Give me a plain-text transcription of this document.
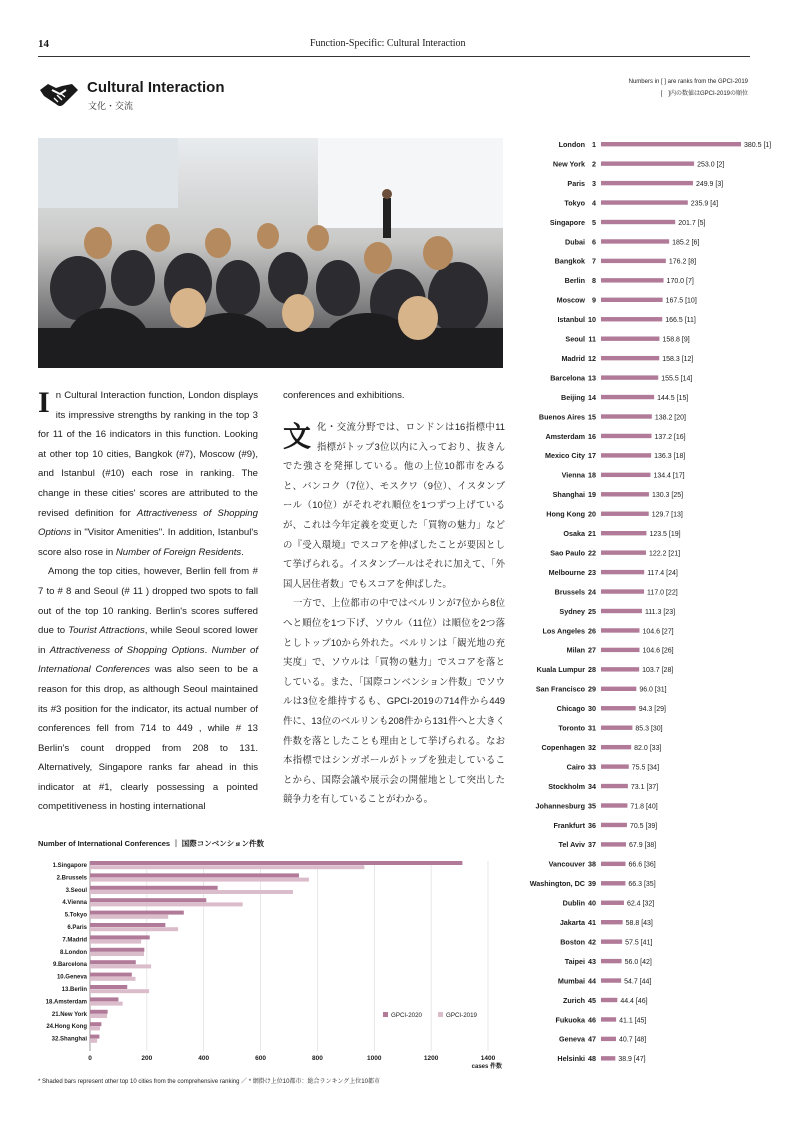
14	Function-Specific: Cultural Interaction
Cultural Interaction
文化・交流
Numbers in [ ] are ranks from the GPCI-2019
[　]内の数値はGPCI-2019の順位

In Cultural Interaction function, London displays its impressive strengths by ranking in the top 3 for 11 of the 16 indicators in this function. Looking at other top 10 cities, Bangkok (#7), Moscow (#9), and Istanbul (#10) each rose in ranking. The change in these cities' scores are attributed to the revised definition for Attractiveness of Shopping Options in "Visitor Amenities". In addition, Istanbul's score also rose in Number of Foreign Residents.

Among the top cities, however, Berlin fell from # 7 to # 8 and Seoul (# 11 ) dropped two spots to fall out of the top 10 ranking. Berlin's scores suffered due to Tourist Attractions, while Seoul scored lower in Attractiveness of Shopping Options. Number of International Conferences was also seen to be a reason for this drop, as although Seoul maintained its #3 position for the indicator, its actual number of conferences fell from 714 to 449 , while # 13 Berlin's count dropped from 208 to 131. Alternatively, Singapore ranks far ahead in this indicator at #1, clearly possessing a pointed competitiveness in hosting international

conferences and exhibitions.

文化・交流分野では、ロンドンは16指標中11指標がトップ3位以内に入っており、抜きんでた強さを発揮している。他の上位10都市をみると、バンコク（7位）、モスクワ（9位）、イスタンブール（10位）がそれぞれ順位を1つずつ上げているが、これは今年定義を変更した「買物の魅力」などの『受入環境』でスコアを伸ばしたことが要因として挙げられる。イスタンブールはそれに加えて、「外国人居住者数」でもスコアを伸ばした。

一方で、上位都市の中ではベルリンが7位から8位へと順位を1つ下げ、ソウル（11位）は順位を2つ落としトップ10から外れた。ベルリンは「観光地の充実度」で、ソウルは「買物の魅力」でスコアを落としている。また、「国際コンベンション件数」でソウルは3位を維持するも、GPCI-2019の714件から449件に、13位のベルリンも208件から131件へと大きく件数を落としたことも理由として挙げられる。なお本指標ではシンガポールがトップを独走していることから、国際会議や展示会の開催地として突出した競争力を有していることがわかる。

London 1	380.5 [1]
New York 2	253.0 [2]
Paris 3	249.9 [3]
Tokyo 4	235.9 [4]
Singapore 5	201.7 [5]
Dubai 6	185.2 [6]
Bangkok 7	176.2 [8]
Berlin 8	170.0 [7]
Moscow 9	167.5 [10]
Istanbul 10	166.5 [11]
Seoul 11	158.8 [9]
Madrid 12	158.3 [12]
Barcelona 13	155.5 [14]
Beijing 14	144.5 [15]
Buenos Aires 15	138.2 [20]
Amsterdam 16	137.2 [16]
Mexico City 17	136.3 [18]
Vienna 18	134.4 [17]
Shanghai 19	130.3 [25]
Hong Kong 20	129.7 [13]
Osaka 21	123.5 [19]
Sao Paulo 22	122.2 [21]
Melbourne 23	117.4 [24]
Brussels 24	117.0 [22]
Sydney 25	111.3 [23]
Los Angeles 26	104.6 [27]
Milan 27	104.6 [26]
Kuala Lumpur 28	103.7 [28]
San Francisco 29	96.0 [31]
Chicago 30	94.3 [29]
Toronto 31	85.3 [30]
Copenhagen 32	82.0 [33]
Cairo 33	75.5 [34]
Stockholm 34	73.1 [37]
Johannesburg 35	71.8 [40]
Frankfurt 36	70.5 [39]
Tel Aviv 37	67.9 [38]
Vancouver 38	66.6 [36]
Washington, DC 39	66.3 [35]
Dublin 40	62.4 [32]
Jakarta 41	58.8 [43]
Boston 42	57.5 [41]
Taipei 43	56.0 [42]
Mumbai 44	54.7 [44]
Zurich 45	44.4 [46]
Fukuoka 46	41.1 [45]
Geneva 47	40.7 [48]
Helsinki 48	38.9 [47]
Number of International Conferences ｜ 国際コンベンション件数
0	200	400	600	800	1000	1200	1400
1.Singapore
2.Brussels
3.Seoul
4.Vienna
5.Tokyo
6.Paris
7.Madrid
8.London
9.Barcelona
10.Geneva
13.Berlin
18.Amsterdam
21.New York
24.Hong Kong
32.Shanghai
cases 件数
GPCI-2020	GPCI-2019
* Shaded bars represent other top 10 cities from the comprehensive ranking ／ * 網掛け上位10都市：総合ランキング上位10都市
